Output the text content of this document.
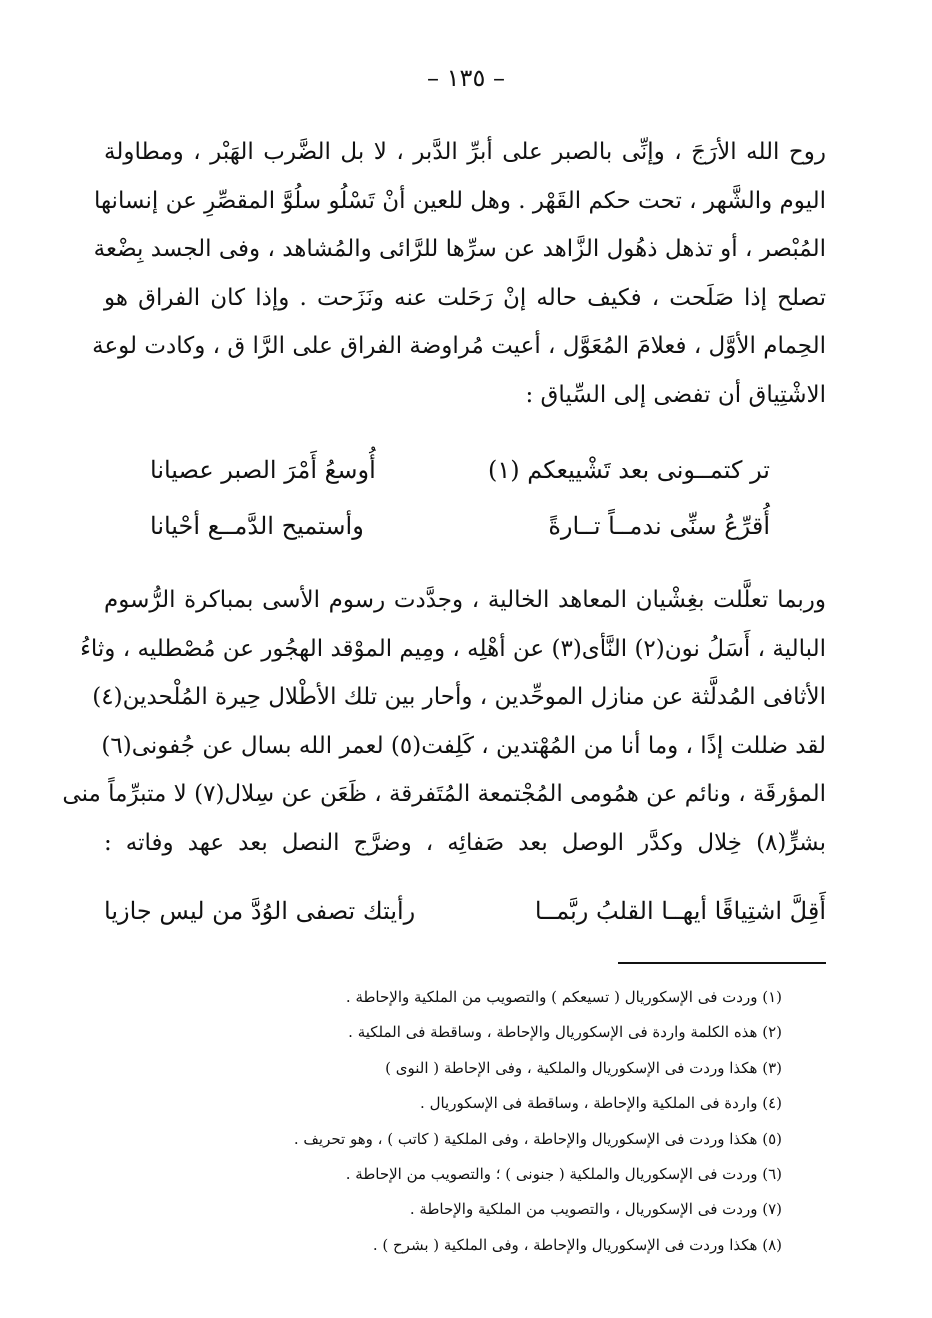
– ١٣٥ –
روح الله الأرَجَ ، وإنِّى بالصبر على أبرِّ الدَّبر ، لا بل الضَّرب الهَبْر ، ومطاولة
اليوم والشَّهر ، تحت حكم القَهْر . وهل للعين أنْ تَسْلُو سلُوَّ المقصِّرِ عن إنسانها
المُبْصر ، أو تذهل ذهُول الزَّاهد عن سرِّها للرَّائى والمُشاهد ، وفى الجسد بِضْعة
تصلح إذا صَلَحت ، فكيف حاله إنْ رَحَلت عنه ونَزَحت . وإذا كان الفراق هو
الحِمام الأوَّل ، فعلامَ المُعَوَّل ، أعيت مُراوضة الفراق على الرَّا ق ، وكادت لوعة
الاشْتِياق أن تفضى إلى السِّياق :
تر كتمــونى بعد تَشْييعكم (١)
أُوسعُ أَمْرَ الصبر عصيانا
أُقرِّعُ سنِّى ندمــاً تــارةً
وأستميح الدَّمــع أحْيانا
وربما تعلَّلت بغِشْيان المعاهد الخالية ، وجدَّدت رسوم الأسى بمباكرة الرُّسوم
البالية ، أَسَلُ نون(٢) النَّأى(٣) عن أهْلِه ، ومِيم الموْقد الهجُور عن مُصْطليه ، وثاءُ
الأثافى المُدلَّثة عن منازل الموحِّدين ، وأحار بين تلك الأطْلال حِيرة المُلْحدين(٤)
لقد ضللت إذًا ، وما أنا من المُهْتدين ، كَلِفت(٥) لعمر الله بسال عن جُفونى(٦)
المؤرقَة ، ونائم عن همُومى المُجْتمعة المُتَفرقة ، ظَعَن عن سِلال(٧) لا متبرِّماً منى
بشرٍّ(٨) خِلال وكدَّر الوصل بعد صَفائِه ، وضرَّج النصل بعد عهد وفاته :
أَقِلَّ اشتِياقًا أيهــا القلبُ ربَّمــا
رأيتك تصفى الوُدَّ من ليس جازيا
(١) وردت فى الإسكوريال ( تسيعكم ) والتصويب من الملكية والإحاطة .
(٢) هذه الكلمة واردة فى الإسكوريال والإحاطة ، وساقطة فى الملكية .
(٣) هكذا وردت فى الإسكوريال والملكية ، وفى الإحاطة ( النوى )
(٤) واردة فى الملكية والإحاطة ، وساقطة فى الإسكوريال .
(٥) هكذا وردت فى الإسكوريال والإحاطة ، وفى الملكية ( كاتب ) ، وهو تحريف .
(٦) وردت فى الإسكوريال والملكية ( جنونى ) ؛ والتصويب من الإحاطة .
(٧) وردت فى الإسكوريال ، والتصويب من الملكية والإحاطة .
(٨) هكذا وردت فى الإسكوريال والإحاطة ، وفى الملكية ( بشرح ) .
